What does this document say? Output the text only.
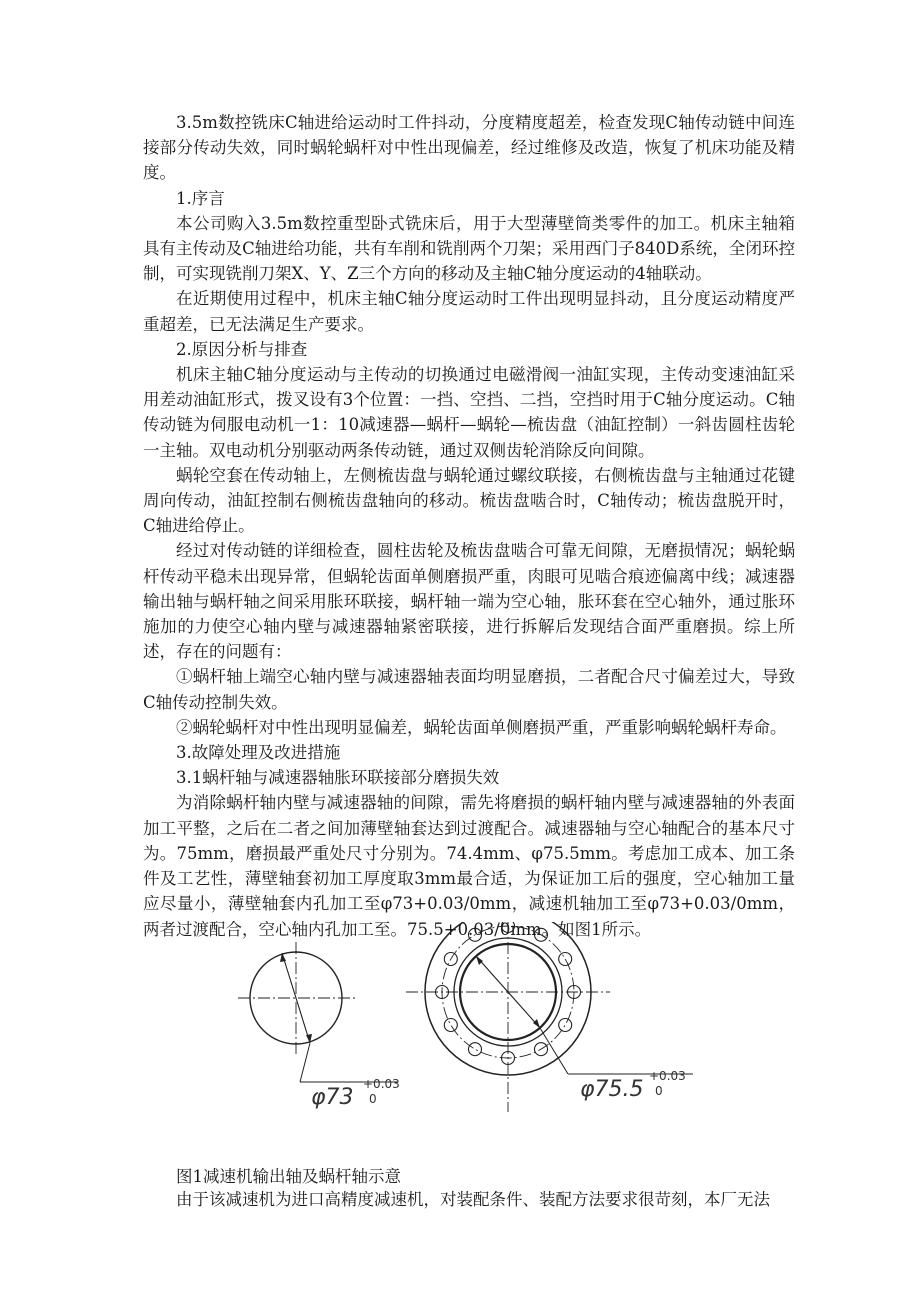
3.5m数控铣床C轴进给运动时工件抖动，分度精度超差，检查发现C轴传动链中间连接部分传动失效，同时蜗轮蜗杆对中性出现偏差，经过维修及改造，恢复了机床功能及精度。

1.序言

本公司购入3.5m数控重型卧式铣床后，用于大型薄壁筒类零件的加工。机床主轴箱具有主传动及C轴进给功能，共有车削和铣削两个刀架；采用西门子840D系统，全闭环控制，可实现铣削刀架X、Y、Z三个方向的移动及主轴C轴分度运动的4轴联动。

在近期使用过程中，机床主轴C轴分度运动时工件出现明显抖动，且分度运动精度严重超差，已无法满足生产要求。

2.原因分析与排查

机床主轴C轴分度运动与主传动的切换通过电磁滑阀一油缸实现，主传动变速油缸采用差动油缸形式，拨叉设有3个位置：一挡、空挡、二挡，空挡时用于C轴分度运动。C轴传动链为伺服电动机一1：10减速器—蜗杆—蜗轮—梳齿盘（油缸控制）一斜齿圆柱齿轮一主轴。双电动机分别驱动两条传动链，通过双侧齿轮消除反向间隙。

蜗轮空套在传动轴上，左侧梳齿盘与蜗轮通过螺纹联接，右侧梳齿盘与主轴通过花键周向传动，油缸控制右侧梳齿盘轴向的移动。梳齿盘啮合时，C轴传动；梳齿盘脱开时，C轴进给停止。

经过对传动链的详细检查，圆柱齿轮及梳齿盘啮合可靠无间隙，无磨损情况；蜗轮蜗杆传动平稳未出现异常，但蜗轮齿面单侧磨损严重，肉眼可见啮合痕迹偏离中线；减速器输出轴与蜗杆轴之间采用胀环联接，蜗杆轴一端为空心轴，胀环套在空心轴外，通过胀环施加的力使空心轴内壁与减速器轴紧密联接，进行拆解后发现结合面严重磨损。综上所述，存在的问题有：

①蜗杆轴上端空心轴内壁与减速器轴表面均明显磨损，二者配合尺寸偏差过大，导致C轴传动控制失效。

②蜗轮蜗杆对中性出现明显偏差，蜗轮齿面单侧磨损严重，严重影响蜗轮蜗杆寿命。

3.故障处理及改进措施

3.1蜗杆轴与减速器轴胀环联接部分磨损失效

为消除蜗杆轴内壁与减速器轴的间隙，需先将磨损的蜗杆轴内壁与减速器轴的外表面加工平整，之后在二者之间加薄壁轴套达到过渡配合。减速器轴与空心轴配合的基本尺寸为。75mm，磨损最严重处尺寸分别为。74.4mm、φ75.5mm。考虑加工成本、加工条件及工艺性，薄壁轴套初加工厚度取3mm最合适，为保证加工后的强度，空心轴加工量应尽量小，薄壁轴套内孔加工至φ73+0.03/0mm，减速机轴加工至φ73+0.03/0mm，两者过渡配合，空心轴内孔加工至。75.5+0.03/0mm。如图1所示。

φ73
+0.03
0	φ75.5
+0.03
0
图1减速机输出轴及蜗杆轴示意

由于该减速机为进口高精度减速机，对装配条件、装配方法要求很苛刻，本厂无法
